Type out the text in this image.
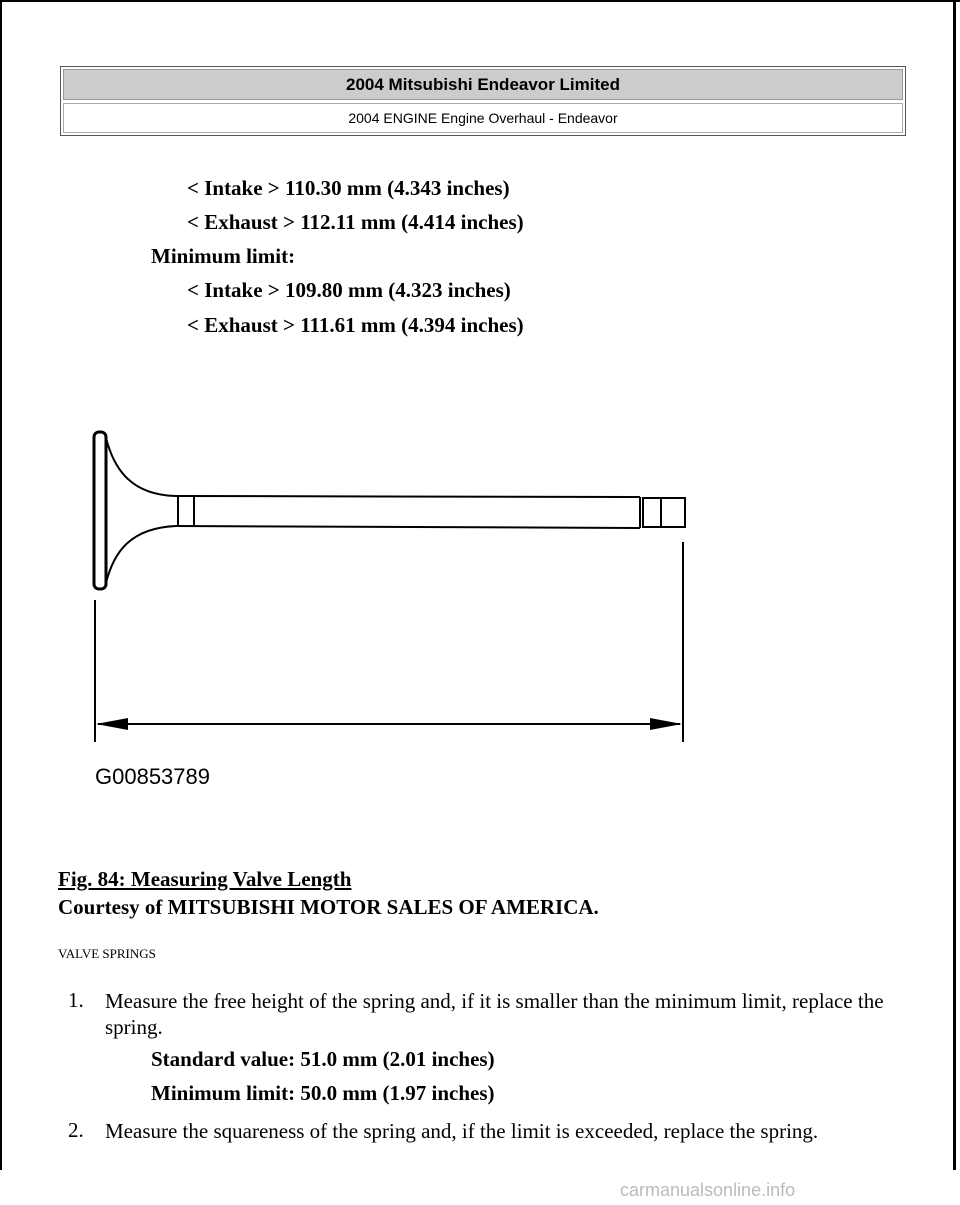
2004 Mitsubishi Endeavor Limited
2004 ENGINE Engine Overhaul - Endeavor
< Intake > 110.30 mm (4.343 inches)
< Exhaust > 112.11 mm (4.414 inches)
Minimum limit:
< Intake > 109.80 mm (4.323 inches)
< Exhaust > 111.61 mm (4.394 inches)
G00853789
Fig. 84: Measuring Valve Length
Courtesy of MITSUBISHI MOTOR SALES OF AMERICA.
VALVE SPRINGS
1.	Measure the free height of the spring and, if it is smaller than the minimum limit, replace the spring.
Standard value: 51.0 mm (2.01 inches)
Minimum limit: 50.0 mm (1.97 inches)
2.	Measure the squareness of the spring and, if the limit is exceeded, replace the spring.
carmanualsonline.info
